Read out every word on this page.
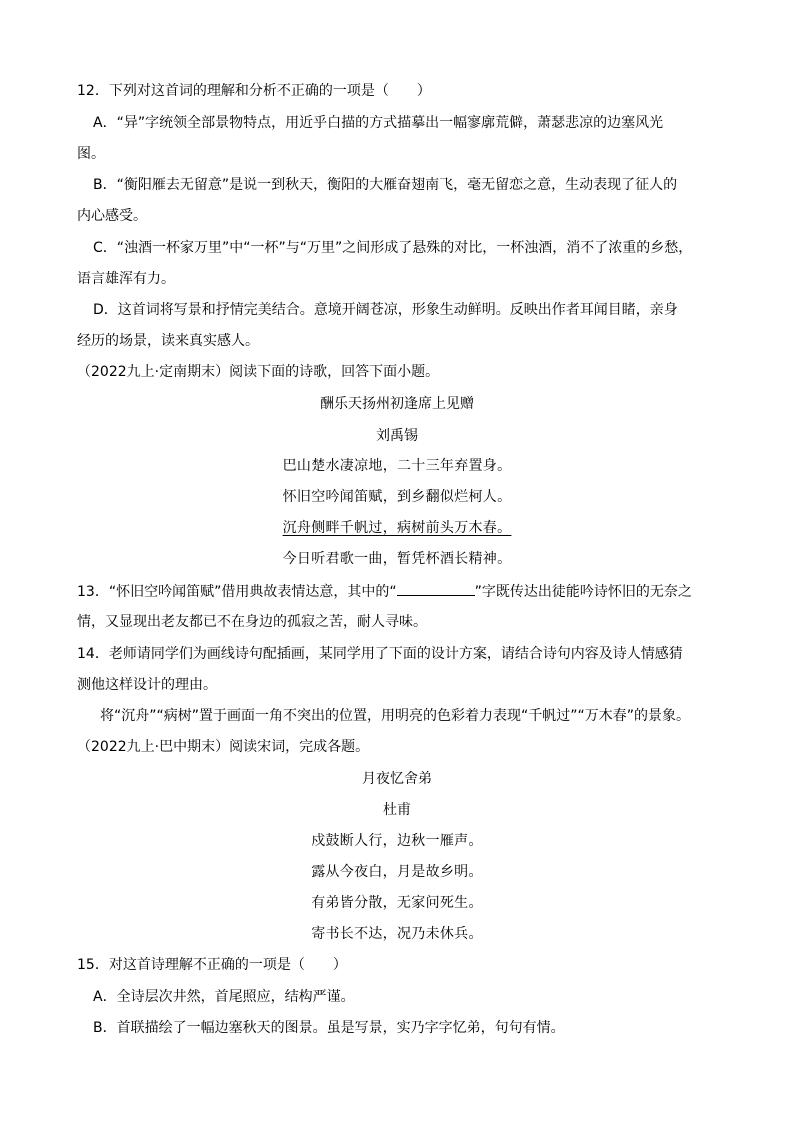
12．下列对这首词的理解和分析不正确的一项是（　　）
A．“异”字统领全部景物特点，用近乎白描的方式描摹出一幅寥廓荒僻，萧瑟悲凉的边塞风光
图。
B．“衡阳雁去无留意”是说一到秋天，衡阳的大雁奋翅南飞，毫无留恋之意，生动表现了征人的
内心感受。
C．“浊酒一杯家万里”中“一杯”与“万里”之间形成了悬殊的对比，一杯浊酒，消不了浓重的乡愁，
语言雄浑有力。
D．这首词将写景和抒情完美结合。意境开阔苍凉，形象生动鲜明。反映出作者耳闻目睹，亲身
经历的场景，读来真实感人。
（2022九上·定南期末）阅读下面的诗歌，回答下面小题。
酬乐天扬州初逢席上见赠
刘禹锡
巴山楚水凄凉地，二十三年弃置身。
怀旧空吟闻笛赋，到乡翻似烂柯人。
沉舟侧畔千帆过，病树前头万木春。
今日听君歌一曲，暂凭杯酒长精神。
13．“怀旧空吟闻笛赋”借用典故表情达意，其中的“	”字既传达出徒能吟诗怀旧的无奈之
情，又显现出老友都已不在身边的孤寂之苦，耐人寻味。
14．老师请同学们为画线诗句配插画，某同学用了下面的设计方案，请结合诗句内容及诗人情感猜
测他这样设计的理由。
将“沉舟”“病树”置于画面一角不突出的位置，用明亮的色彩着力表现“千帆过”“万木春”的景象。
（2022九上·巴中期末）阅读宋词，完成各题。
月夜忆舍弟
杜甫
戍鼓断人行，边秋一雁声。
露从今夜白，月是故乡明。
有弟皆分散，无家问死生。
寄书长不达，况乃未休兵。
15．对这首诗理解不正确的一项是（　　）
A．全诗层次井然，首尾照应，结构严谨。
B．首联描绘了一幅边塞秋天的图景。虽是写景，实乃字字忆弟，句句有情。
